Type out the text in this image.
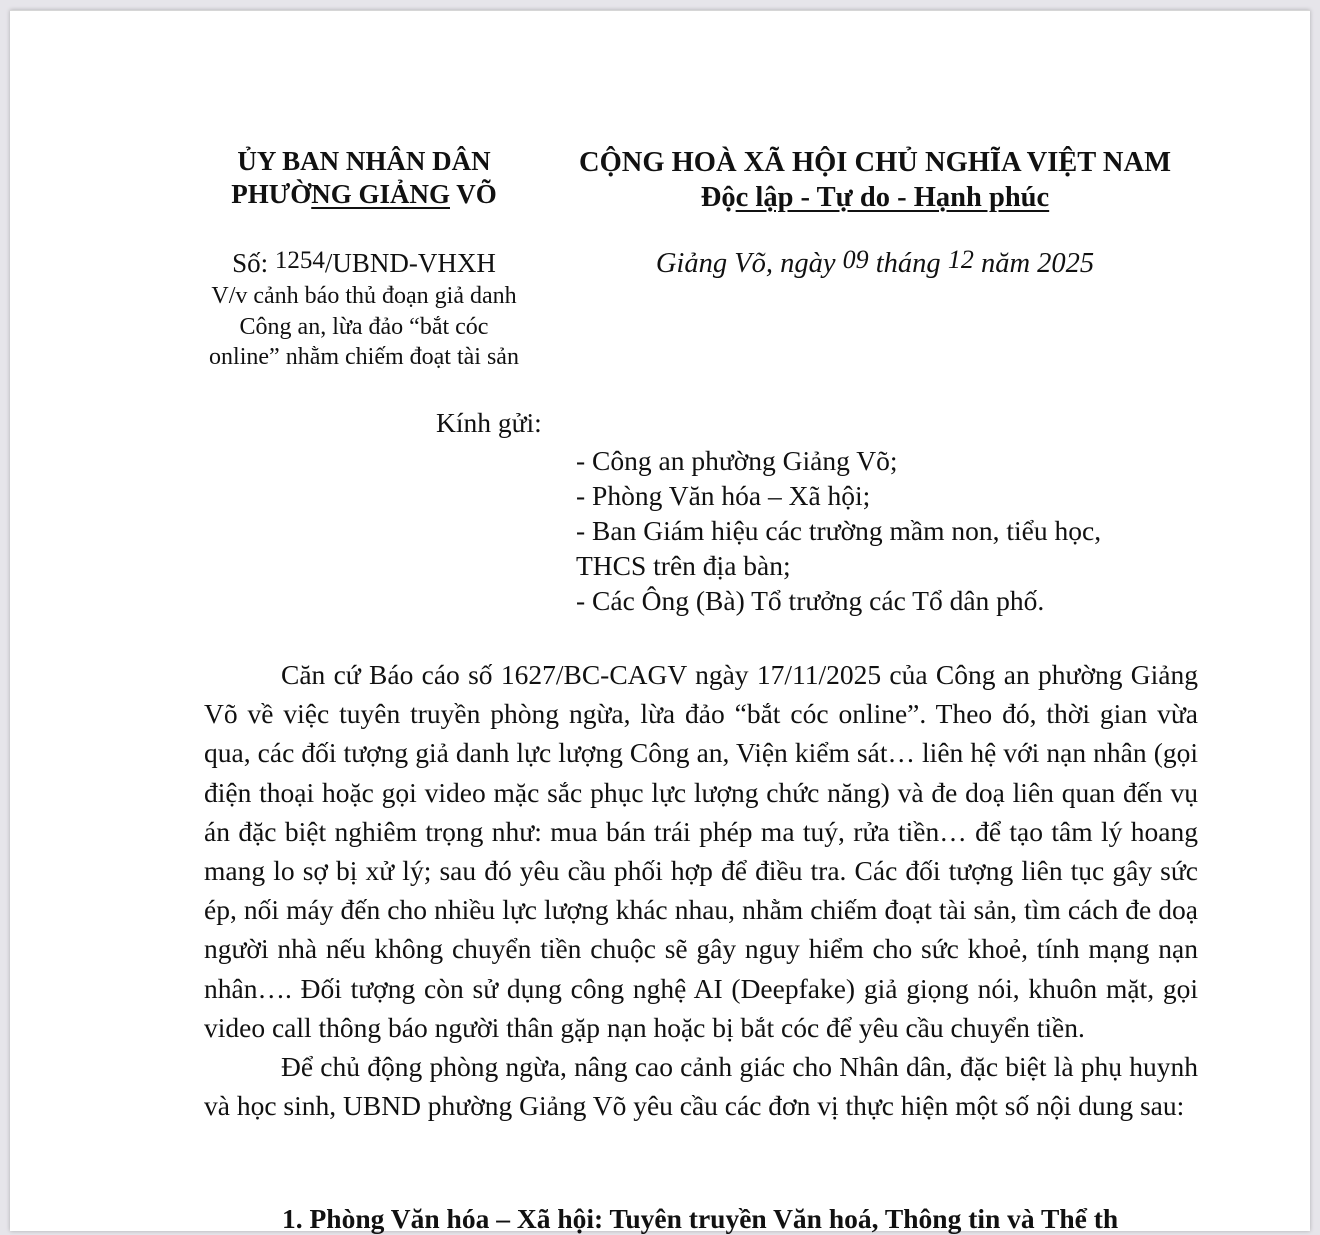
ỦY BAN NHÂN DÂN
PHƯỜNG GIẢNG VÕ
CỘNG HOÀ XÃ HỘI CHỦ NGHĨA VIỆT NAM
Độc lập - Tự do - Hạnh phúc
Số: 1254/UBND-VHXH
V/v cảnh báo thủ đoạn giả danh
Công an, lừa đảo “bắt cóc
online” nhằm chiếm đoạt tài sản
Giảng Võ, ngày 09 tháng 12 năm 2025
Kính gửi:
- Công an phường Giảng Võ;
- Phòng Văn hóa – Xã hội;
- Ban Giám hiệu các trường mầm non, tiểu học,
THCS trên địa bàn;
- Các Ông (Bà) Tổ trưởng các Tổ dân phố.

Căn cứ Báo cáo số 1627/BC-CAGV ngày 17/11/2025 của Công an phường Giảng Võ về việc tuyên truyền phòng ngừa, lừa đảo “bắt cóc online”. Theo đó, thời gian vừa qua, các đối tượng giả danh lực lượng Công an, Viện kiểm sát… liên hệ với nạn nhân (gọi điện thoại hoặc gọi video mặc sắc phục lực lượng chức năng) và đe doạ liên quan đến vụ án đặc biệt nghiêm trọng như: mua bán trái phép ma tuý, rửa tiền… để tạo tâm lý hoang mang lo sợ bị xử lý; sau đó yêu cầu phối hợp để điều tra. Các đối tượng liên tục gây sức ép, nối máy đến cho nhiều lực lượng khác nhau, nhằm chiếm đoạt tài sản, tìm cách đe doạ người nhà nếu không chuyển tiền chuộc sẽ gây nguy hiểm cho sức khoẻ, tính mạng nạn nhân…. Đối tượng còn sử dụng công nghệ AI (Deepfake) giả giọng nói, khuôn mặt, gọi video call thông báo người thân gặp nạn hoặc bị bắt cóc để yêu cầu chuyển tiền.

Để chủ động phòng ngừa, nâng cao cảnh giác cho Nhân dân, đặc biệt là phụ huynh và học sinh, UBND phường Giảng Võ yêu cầu các đơn vị thực hiện một số nội dung sau:

1. Phòng Văn hóa – Xã hội: Tuyên truyền Văn hoá, Thông tin và Thể th
